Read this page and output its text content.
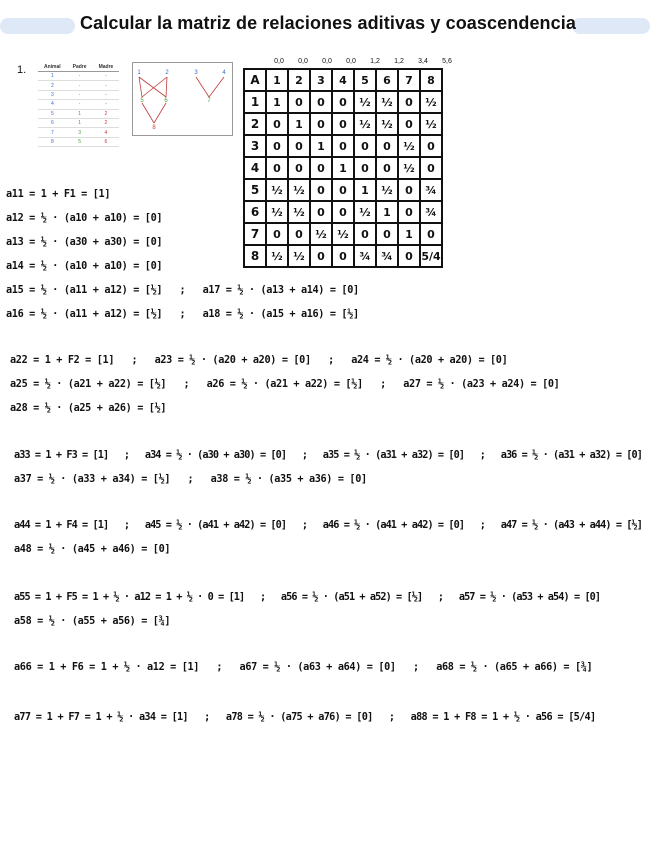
Calcular la matriz de relaciones aditivas y coascendencia
1.	Animal	Padre	Madre
1	-	-
2	-	-
3	-	-
4	-	-
5	1	2
6	1	2
7	3	4
8	5	6
1	2	3	4
5	6	7
8
0,0	0,0	0,0	0,0	1,2	1,2	3,4	5,6
A	1	2	3	4	5	6	7	8
1	1	0	0	0	½	½	0	½
2	0	1	0	0	½	½	0	½
3	0	0	1	0	0	0	½	0
4	0	0	0	1	0	0	½	0
5	½	½	0	0	1	½	0	¾
6	½	½	0	0	½	1	0	¾
7	0	0	½	½	0	0	1	0
8	½	½	0	0	¾	¾	0	5/4
a11 = 1 + F1 = [1]
a12 = ½ · (a10 + a10) = [0]
a13 = ½ · (a30 + a30) = [0]
a14 = ½ · (a10 + a10) = [0]
a15 = ½ · (a11 + a12) = [½]   ;   a17 = ½ · (a13 + a14) = [0]
a16 = ½ · (a11 + a12) = [½]   ;   a18 = ½ · (a15 + a16) = [½]
a22 = 1 + F2 = [1]   ;   a23 = ½ · (a20 + a20) = [0]   ;   a24 = ½ · (a20 + a20) = [0]
a25 = ½ · (a21 + a22) = [½]   ;   a26 = ½ · (a21 + a22) = [½]   ;   a27 = ½ · (a23 + a24) = [0]
a28 = ½ · (a25 + a26) = [½]
a33 = 1 + F3 = [1]   ;   a34 = ½ · (a30 + a30) = [0]   ;   a35 = ½ · (a31 + a32) = [0]   ;   a36 = ½ · (a31 + a32) = [0]
a37 = ½ · (a33 + a34) = [½]   ;   a38 = ½ · (a35 + a36) = [0]
a44 = 1 + F4 = [1]   ;   a45 = ½ · (a41 + a42) = [0]   ;   a46 = ½ · (a41 + a42) = [0]   ;   a47 = ½ · (a43 + a44) = [½]
a48 = ½ · (a45 + a46) = [0]
a55 = 1 + F5 = 1 + ½ · a12 = 1 + ½ · 0 = [1]   ;   a56 = ½ · (a51 + a52) = [½]   ;   a57 = ½ · (a53 + a54) = [0]
a58 = ½ · (a55 + a56) = [¾]
a66 = 1 + F6 = 1 + ½ · a12 = [1]   ;   a67 = ½ · (a63 + a64) = [0]   ;   a68 = ½ · (a65 + a66) = [¾]
a77 = 1 + F7 = 1 + ½ · a34 = [1]   ;   a78 = ½ · (a75 + a76) = [0]   ;   a88 = 1 + F8 = 1 + ½ · a56 = [5/4]
